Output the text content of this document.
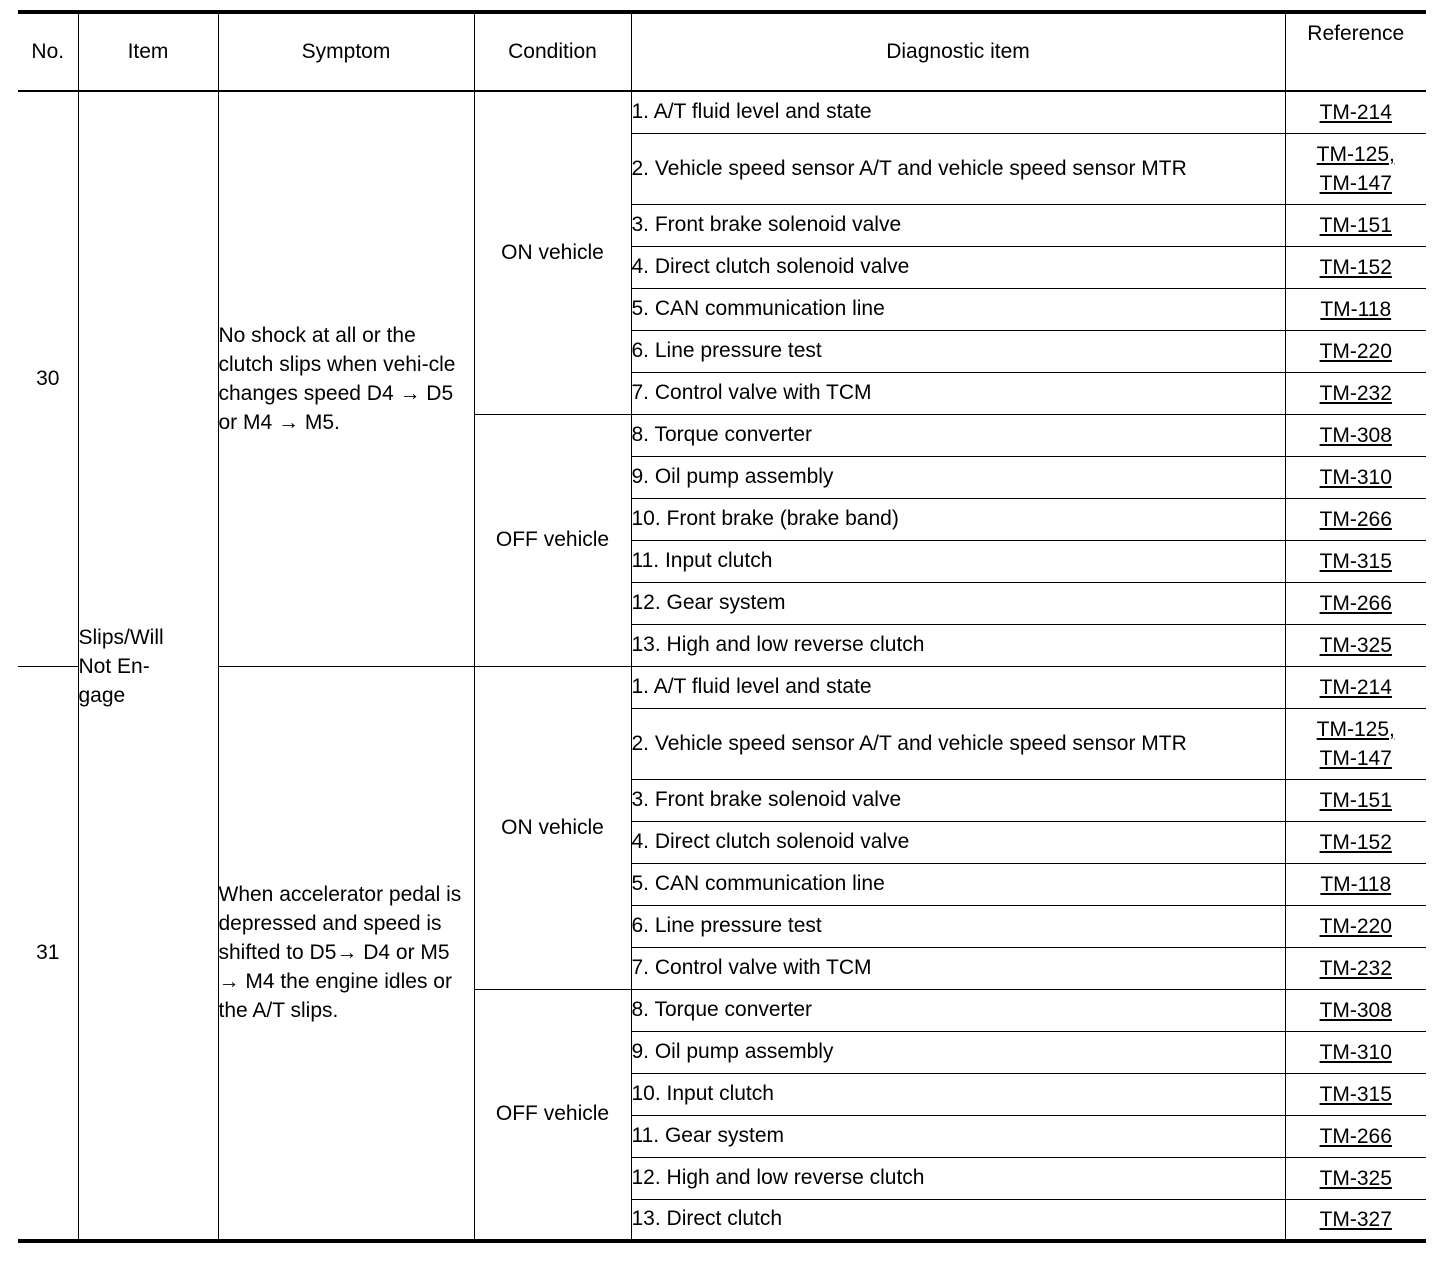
No.	Item	Symptom	Condition	Diagnostic item	Reference
30	Slips/Will Not En-gage	No shock at all or the clutch slips when vehi-cle changes speed D4 → D5 or M4 → M5.	ON vehicle	1. A/T fluid level and state	TM-214

				2. Vehicle speed sensor A/T and vehicle speed sensor MTR	TM-125,
TM-147

				3. Front brake solenoid valve	TM-151

				4. Direct clutch solenoid valve	TM-152

				5. CAN communication line	TM-118

				6. Line pressure test	TM-220

				7. Control valve with TCM	TM-232

			OFF vehicle	8. Torque converter	TM-308

				9. Oil pump assembly	TM-310

				10. Front brake (brake band)	TM-266

				11. Input clutch	TM-315

				12. Gear system	TM-266

				13. High and low reverse clutch	TM-325

31		When accelerator pedal is depressed and speed is shifted to D5→ D4 or M5 → M4 the engine idles or the A/T slips.	ON vehicle	1. A/T fluid level and state	TM-214

				2. Vehicle speed sensor A/T and vehicle speed sensor MTR	TM-125,
TM-147

				3. Front brake solenoid valve	TM-151

				4. Direct clutch solenoid valve	TM-152

				5. CAN communication line	TM-118

				6. Line pressure test	TM-220

				7. Control valve with TCM	TM-232

			OFF vehicle	8. Torque converter	TM-308

				9. Oil pump assembly	TM-310

				10. Input clutch	TM-315

				11. Gear system	TM-266

				12. High and low reverse clutch	TM-325

				13. Direct clutch	TM-327
